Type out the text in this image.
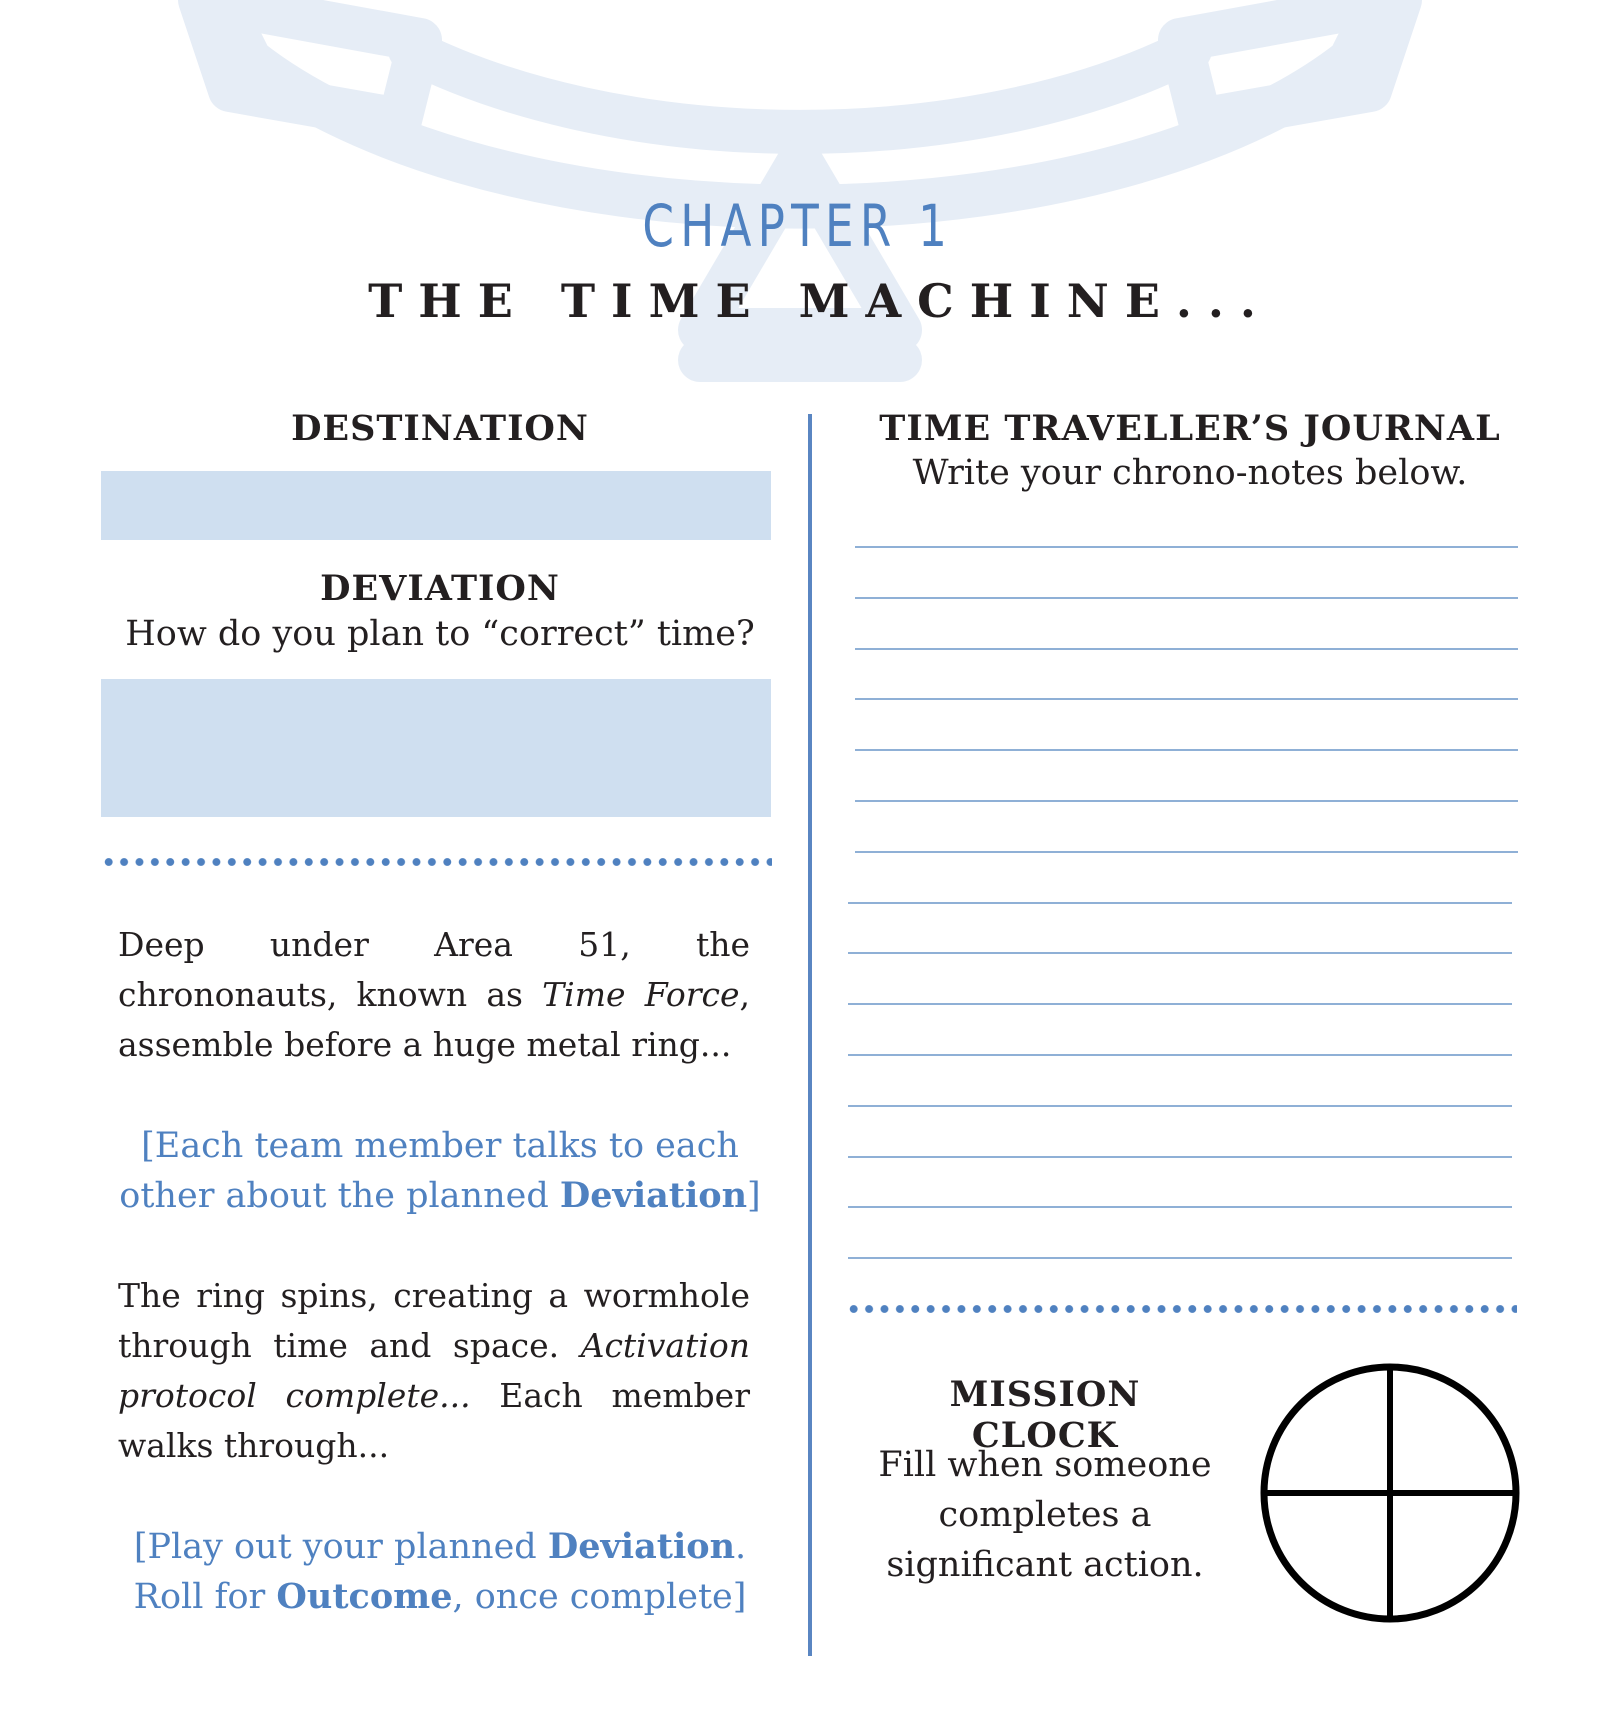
CHAPTER 1
THE TIME MACHINE...
DESTINATION
DEVIATION
How do you plan to “correct” time?
Deep under Area 51, the chrononauts, known as Time Force, assemble before a huge metal ring...
[Each team member talks to each other about the planned Deviation]
The ring spins, creating a wormhole through time and space. Activation protocol complete... Each member walks through...
[Play out your planned Deviation. Roll for Outcome, once complete]
TIME TRAVELLER’S JOURNAL
Write your chrono-notes below.
MISSION CLOCK
Fill when someone completes a significant action.
